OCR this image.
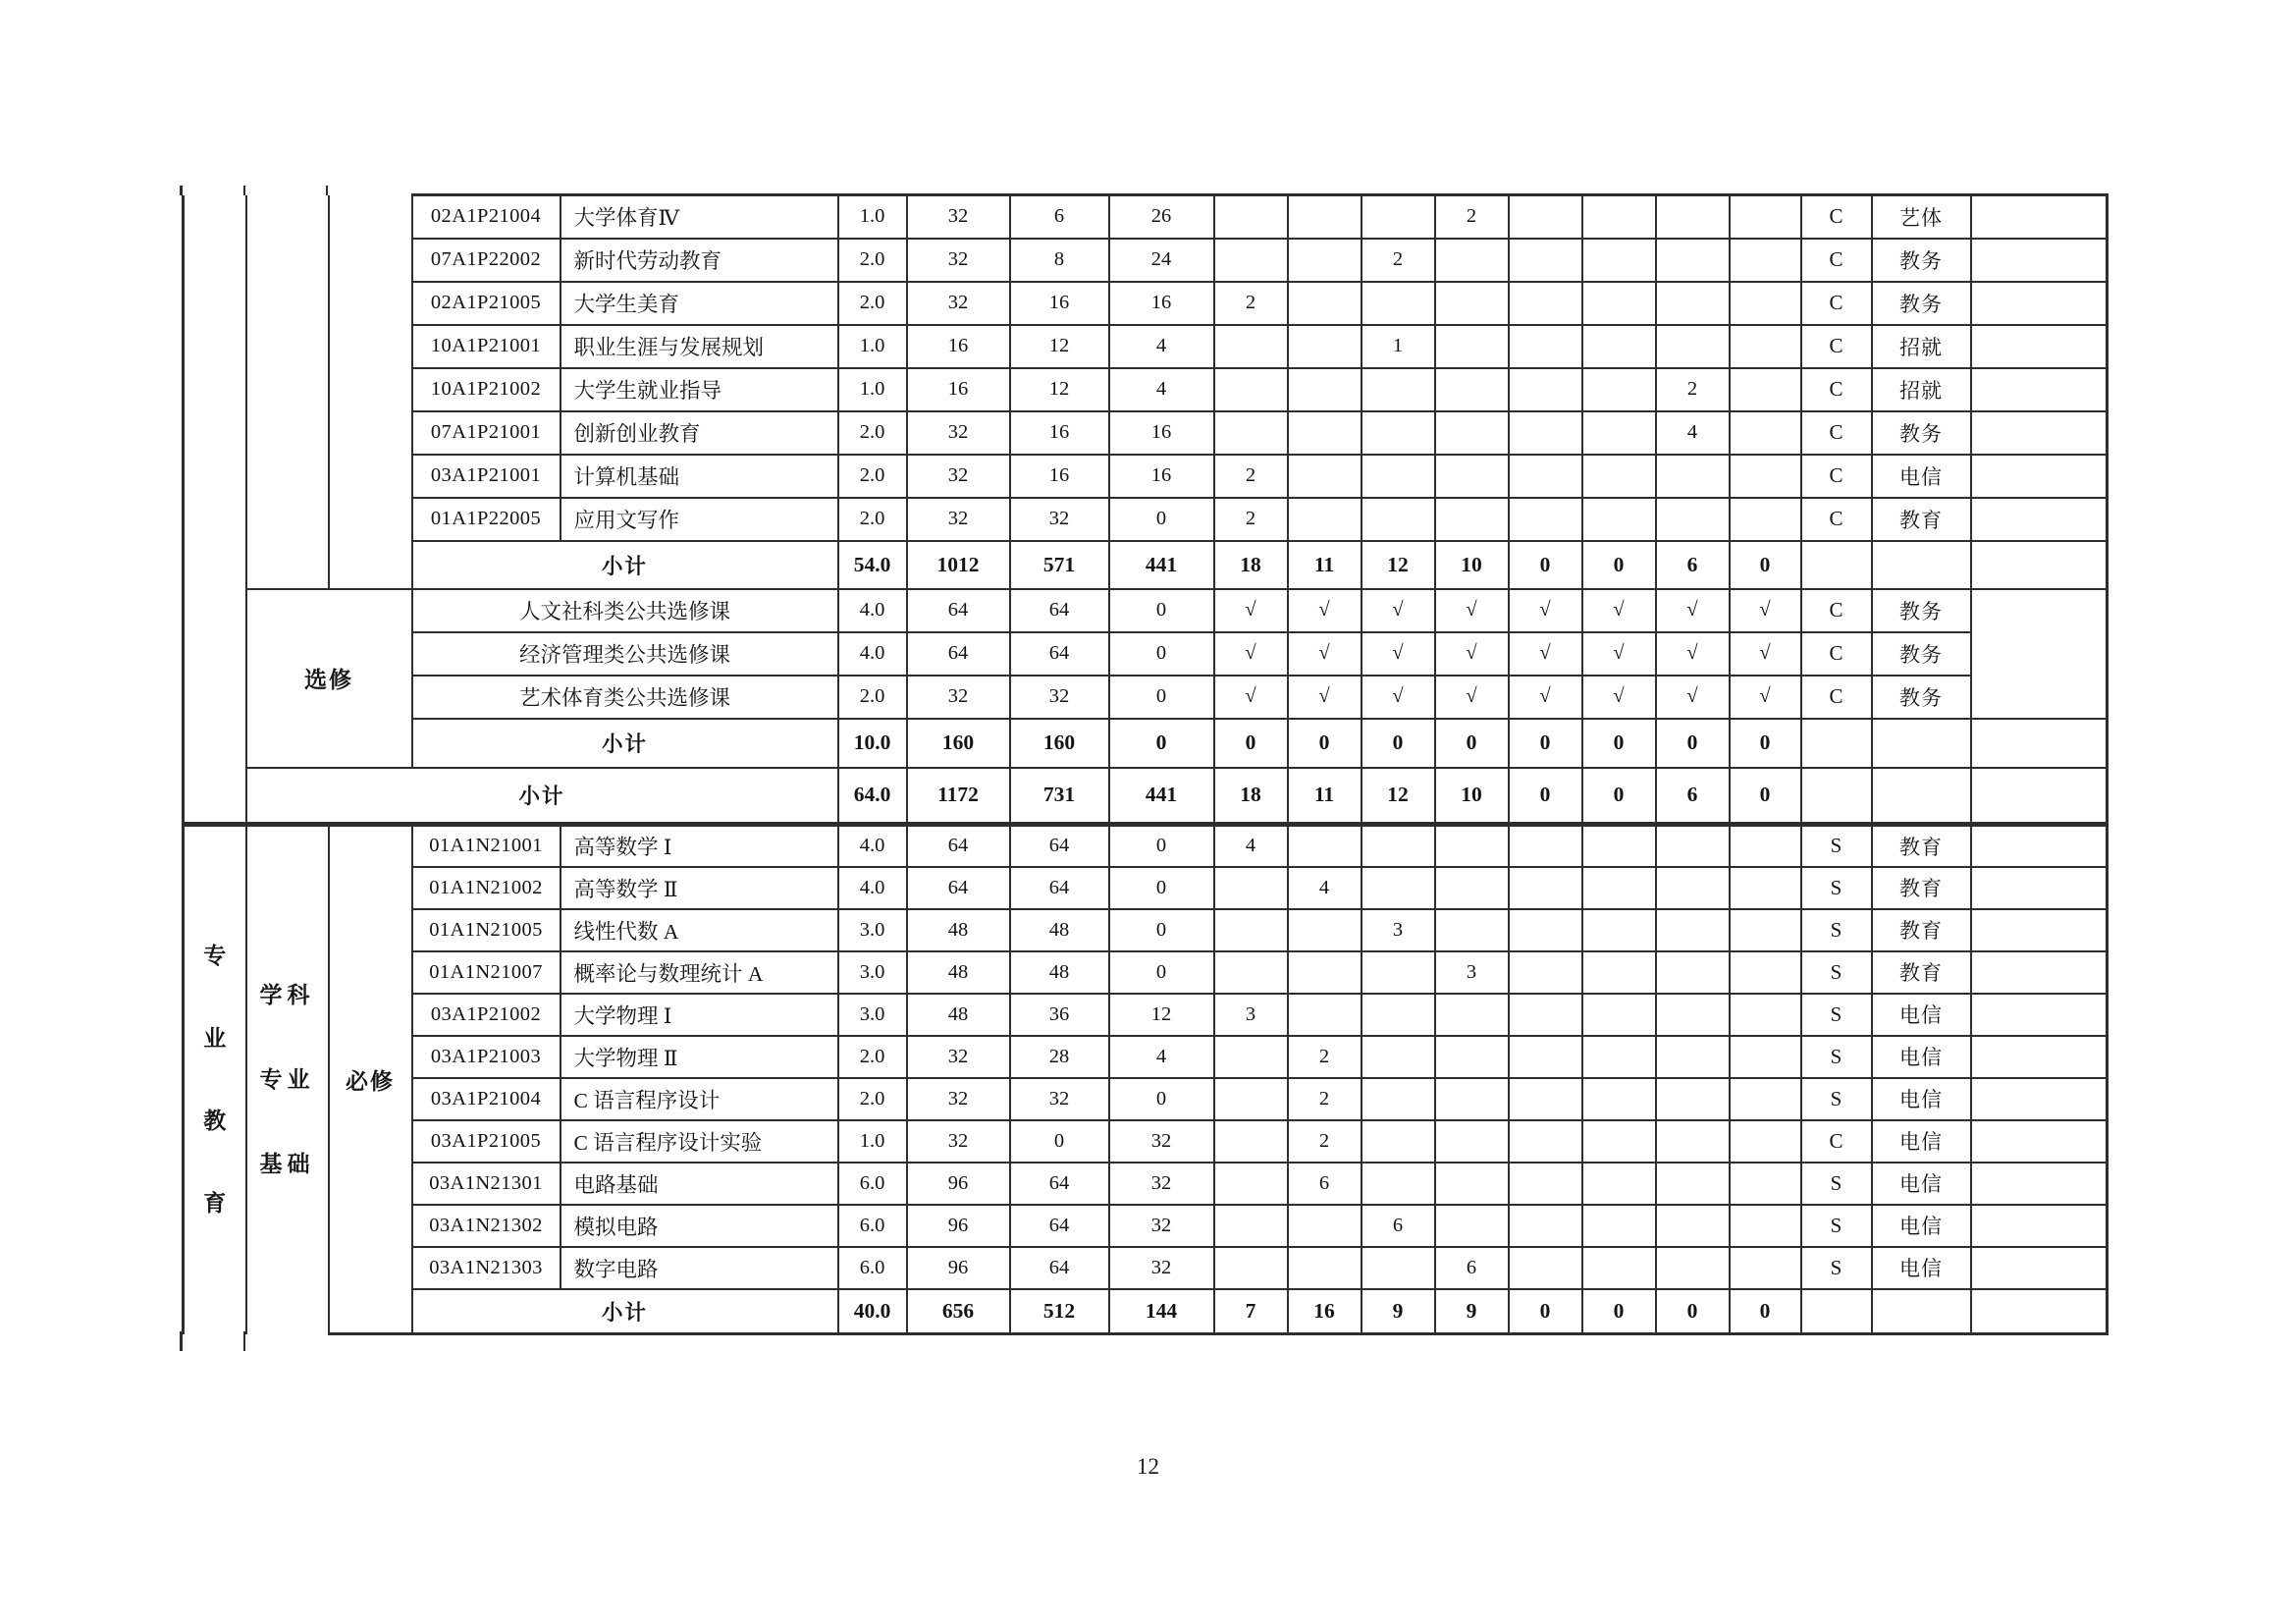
			02A1P21004	大学体育Ⅳ	1.0	32	6	26				2					C	艺体	
			07A1P22002	新时代劳动教育	2.0	32	8	24			2						C	教务	
			02A1P21005	大学生美育	2.0	32	16	16	2								C	教务	
			10A1P21001	职业生涯与发展规划	1.0	16	12	4			1						C	招就	
			10A1P21002	大学生就业指导	1.0	16	12	4							2		C	招就	
			07A1P21001	创新创业教育	2.0	32	16	16							4		C	教务	
			03A1P21001	计算机基础	2.0	32	16	16	2								C	电信	
			01A1P22005	应用文写作	2.0	32	32	0	2								C	教育	
			小计		54.0	1012	571	441	18	11	12	10	0	0	6	0			
	选修		人文社科类公共选修课		4.0	64	64	0	√	√	√	√	√	√	√	√	C	教务	
			经济管理类公共选修课		4.0	64	64	0	√	√	√	√	√	√	√	√	C	教务	
			艺术体育类公共选修课		2.0	32	32	0	√	√	√	√	√	√	√	√	C	教务	
			小计		10.0	160	160	0	0	0	0	0	0	0	0	0			
	小计				64.0	1172	731	441	18	11	12	10	0	0	6	0			

专业教育	学科专业基础	必修	01A1N21001	高等数学 Ⅰ	4.0	64	64	0	4								S	教育	
			01A1N21002	高等数学 Ⅱ	4.0	64	64	0		4							S	教育	
			01A1N21005	线性代数 A	3.0	48	48	0			3						S	教育	
			01A1N21007	概率论与数理统计 A	3.0	48	48	0				3					S	教育	
			03A1P21002	大学物理 Ⅰ	3.0	48	36	12	3								S	电信	
			03A1P21003	大学物理 Ⅱ	2.0	32	28	4		2							S	电信	
			03A1P21004	C 语言程序设计	2.0	32	32	0		2							S	电信	
			03A1P21005	C 语言程序设计实验	1.0	32	0	32		2							C	电信	
			03A1N21301	电路基础	6.0	96	64	32		6							S	电信	
			03A1N21302	模拟电路	6.0	96	64	32			6						S	电信	
			03A1N21303	数字电路	6.0	96	64	32				6					S	电信	
			小计		40.0	656	512	144	7	16	9	9	0	0	0	0			
12
